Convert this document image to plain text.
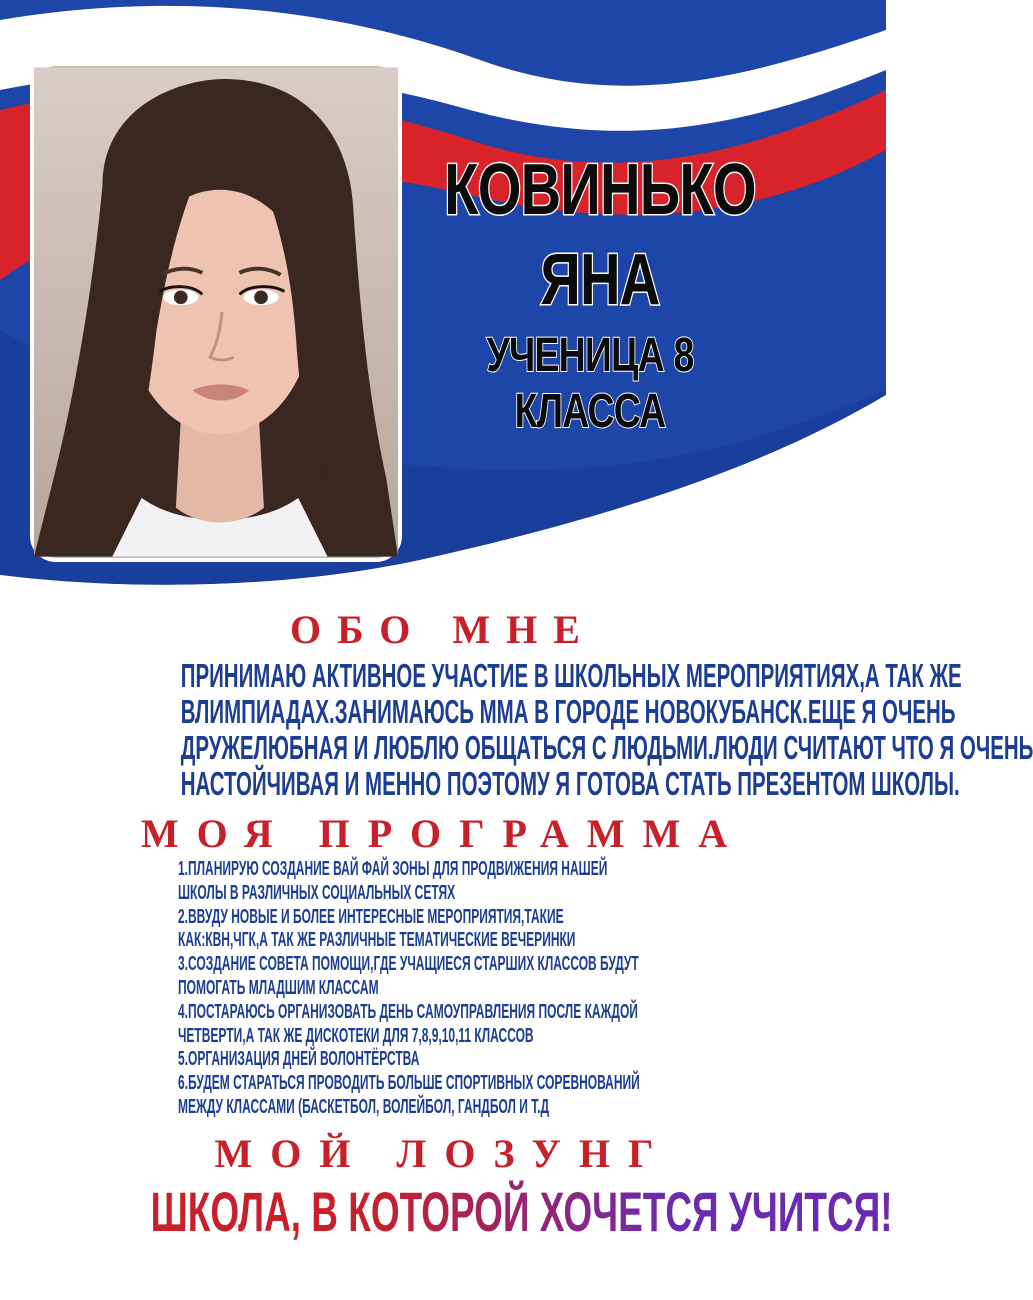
КОВИНЬКО
ЯНА
УЧЕНИЦА 8 КЛАССА
ОБО МНЕ
ПРИНИМАЮ АКТИВНОЕ УЧАСТИЕ В ШКОЛЬНЫХ МЕРОПРИЯТИЯХ,А ТАК ЖЕ
ВЛИМПИАДАХ.ЗАНИМАЮСЬ ММА В ГОРОДЕ НОВОКУБАНСК.ЕЩЕ Я ОЧЕНЬ
ДРУЖЕЛЮБНАЯ И ЛЮБЛЮ ОБЩАТЬСЯ С ЛЮДЬМИ.ЛЮДИ СЧИТАЮТ ЧТО Я ОЧЕНЬ
НАСТОЙЧИВАЯ И МЕННО ПОЭТОМУ Я ГОТОВА СТАТЬ ПРЕЗЕНТОМ ШКОЛЫ.
МОЯ ПРОГРАММА
1.ПЛАНИРУЮ СОЗДАНИЕ ВАЙ ФАЙ ЗОНЫ ДЛЯ ПРОДВИЖЕНИЯ НАШЕЙ
ШКОЛЫ В РАЗЛИЧНЫХ СОЦИАЛЬНЫХ СЕТЯХ
2.ВВУДУ НОВЫЕ И БОЛЕЕ ИНТЕРЕСНЫЕ МЕРОПРИЯТИЯ,ТАКИЕ
КАК:КВН,ЧГК,А ТАК ЖЕ РАЗЛИЧНЫЕ ТЕМАТИЧЕСКИЕ ВЕЧЕРИНКИ
3.СОЗДАНИЕ СОВЕТА ПОМОЩИ,ГДЕ УЧАЩИЕСЯ СТАРШИХ КЛАССОВ БУДУТ
ПОМОГАТЬ МЛАДШИМ КЛАССАМ
4.ПОСТАРАЮСЬ ОРГАНИЗОВАТЬ ДЕНЬ САМОУПРАВЛЕНИЯ ПОСЛЕ КАЖДОЙ
ЧЕТВЕРТИ,А ТАК ЖЕ ДИСКОТЕКИ ДЛЯ 7,8,9,10,11 КЛАССОВ
5.ОРГАНИЗАЦИЯ ДНЕЙ ВОЛОНТЁРСТВА
6.БУДЕМ СТАРАТЬСЯ ПРОВОДИТЬ БОЛЬШЕ СПОРТИВНЫХ СОРЕВНОВАНИЙ
МЕЖДУ КЛАССАМИ (БАСКЕТБОЛ, ВОЛЕЙБОЛ, ГАНДБОЛ И Т.Д
МОЙ ЛОЗУНГ
ШКОЛА, В КОТОРОЙ ХОЧЕТСЯ УЧИТСЯ!
